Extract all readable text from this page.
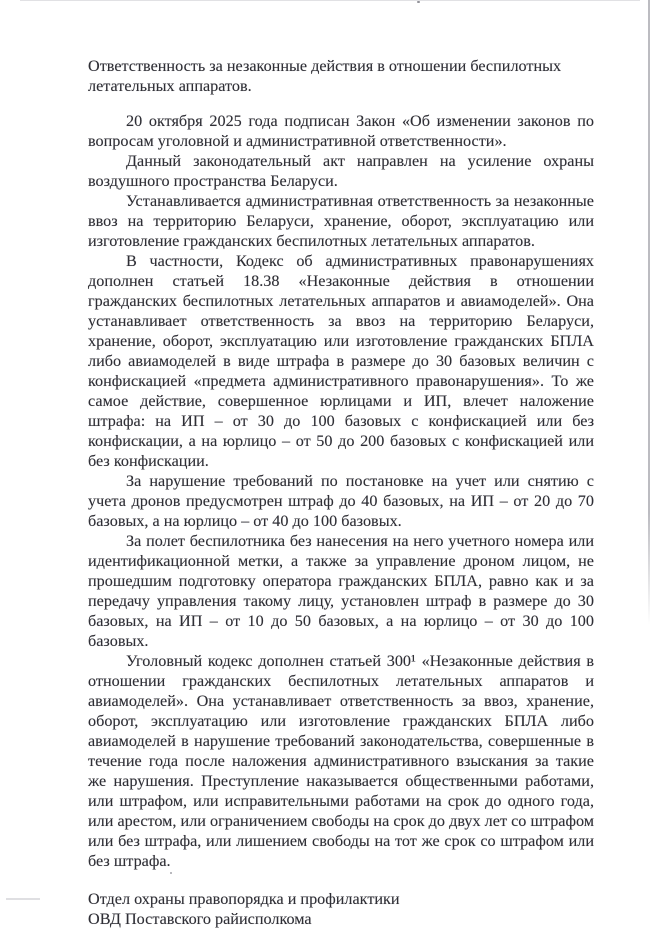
Ответственность за незаконные действия в отношении беспилотных летательных аппаратов.

20 октября 2025 года подписан Закон «Об изменении законов по вопросам уголовной и административной ответственности».

Данный законодательный акт направлен на усиление охраны воздушного пространства Беларуси.

Устанавливается административная ответственность за незаконные ввоз на территорию Беларуси, хранение, оборот, эксплуатацию или изготовление гражданских беспилотных летательных аппаратов.

В частности, Кодекс об административных правонарушениях дополнен статьей 18.38 «Незаконные действия в отношении гражданских беспилотных летательных аппаратов и авиамоделей». Она устанавливает ответственность за ввоз на территорию Беларуси, хранение, оборот, эксплуатацию или изготовление гражданских БПЛА либо авиамоделей в виде штрафа в размере до 30 базовых величин с конфискацией «предмета административного правонарушения». То же самое действие, совершенное юрлицами и ИП, влечет наложение штрафа: на ИП – от 30 до 100 базовых с конфискацией или без конфискации, а на юрлицо – от 50 до 200 базовых с конфискацией или без конфискации.

За нарушение требований по постановке на учет или снятию с учета дронов предусмотрен штраф до 40 базовых, на ИП – от 20 до 70 базовых, а на юрлицо – от 40 до 100 базовых.

За полет беспилотника без нанесения на него учетного номера или идентификационной метки, а также за управление дроном лицом, не прошедшим подготовку оператора гражданских БПЛА, равно как и за передачу управления такому лицу, установлен штраф в размере до 30 базовых, на ИП – от 10 до 50 базовых, а на юрлицо – от 30 до 100 базовых.

Уголовный кодекс дополнен статьей 300¹ «Незаконные действия в отношении гражданских беспилотных летательных аппаратов и авиамоделей». Она устанавливает ответственность за ввоз, хранение, оборот, эксплуатацию или изготовление гражданских БПЛА либо авиамоделей в нарушение требований законодательства, совершенные в течение года после наложения административного взыскания за такие же нарушения. Преступление наказывается общественными работами, или штрафом, или исправительными работами на срок до одного года, или арестом, или ограничением свободы на срок до двух лет со штрафом или без штрафа, или лишением свободы на тот же срок со штрафом или без штрафа.

Отдел охраны правопорядка и профилактики
ОВД Поставского райисполкома
